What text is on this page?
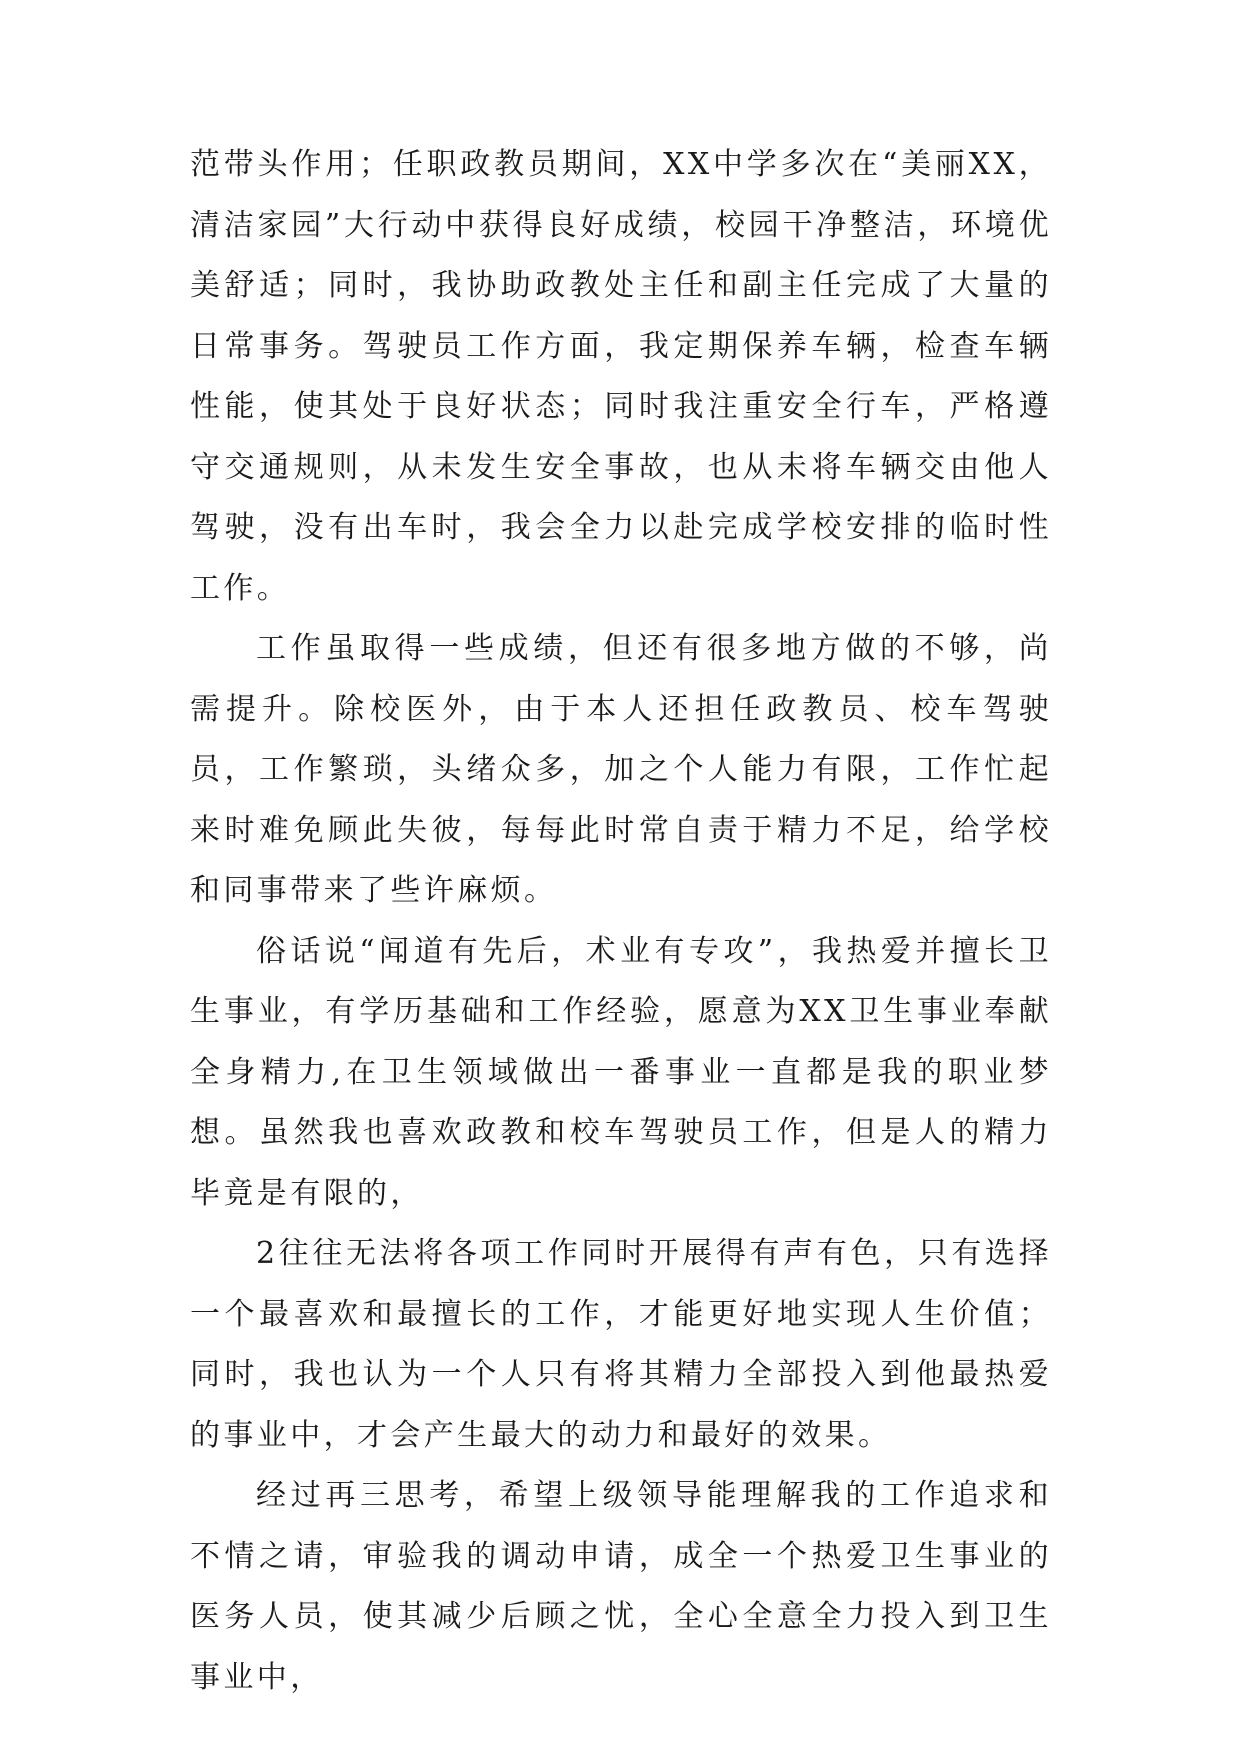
范带头作用；任职政教员期间，XX中学多次在“美丽XX，清洁家园”大行动中获得良好成绩，校园干净整洁，环境优美舒适；同时，我协助政教处主任和副主任完成了大量的日常事务。驾驶员工作方面，我定期保养车辆，检查车辆性能，使其处于良好状态；同时我注重安全行车，严格遵守交通规则，从未发生安全事故，也从未将车辆交由他人驾驶，没有出车时，我会全力以赴完成学校安排的临时性工作。

工作虽取得一些成绩，但还有很多地方做的不够，尚需提升。除校医外，由于本人还担任政教员、校车驾驶员，工作繁琐，头绪众多，加之个人能力有限，工作忙起来时难免顾此失彼，每每此时常自责于精力不足，给学校和同事带来了些许麻烦。

俗话说“闻道有先后，术业有专攻”，我热爱并擅长卫生事业，有学历基础和工作经验，愿意为XX卫生事业奉献全身精力,在卫生领域做出一番事业一直都是我的职业梦想。虽然我也喜欢政教和校车驾驶员工作，但是人的精力毕竟是有限的，

2往往无法将各项工作同时开展得有声有色，只有选择一个最喜欢和最擅长的工作，才能更好地实现人生价值；同时，我也认为一个人只有将其精力全部投入到他最热爱的事业中，才会产生最大的动力和最好的效果。

经过再三思考，希望上级领导能理解我的工作追求和不情之请，审验我的调动申请，成全一个热爱卫生事业的医务人员，使其减少后顾之忧，全心全意全力投入到卫生事业中，
